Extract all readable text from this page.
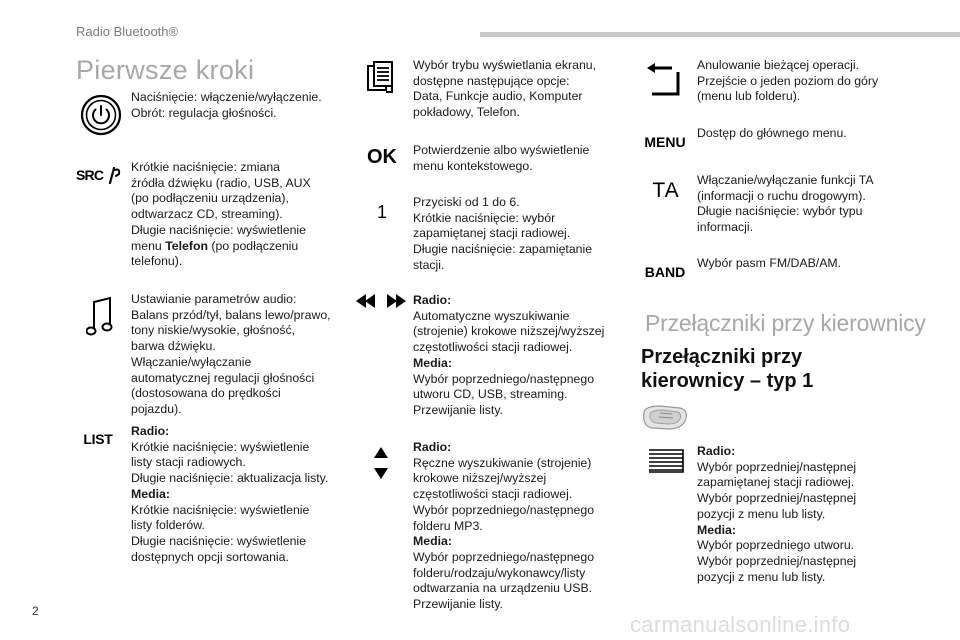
Radio Bluetooth®
Pierwsze kroki
Naciśnięcie: włączenie/wyłączenie.
Obrót: regulacja głośności.
SRC Krótkie naciśnięcie: zmiana
źródła dźwięku (radio, USB, AUX
(po podłączeniu urządzenia),
odtwarzacz CD, streaming).
Długie naciśnięcie: wyświetlenie
menu Telefon (po podłączeniu
telefonu).
Ustawianie parametrów audio:
Balans przód/tył, balans lewo/prawo,
tony niskie/wysokie, głośność,
barwa dźwięku.
Włączanie/wyłączanie
automatycznej regulacji głośności
(dostosowana do prędkości
pojazdu).
LIST Radio:
Krótkie naciśnięcie: wyświetlenie
listy stacji radiowych.
Długie naciśnięcie: aktualizacja listy.
Media:
Krótkie naciśnięcie: wyświetlenie
listy folderów.
Długie naciśnięcie: wyświetlenie
dostępnych opcji sortowania.
Wybór trybu wyświetlania ekranu,
dostępne następujące opcje:
Data, Funkcje audio, Komputer
pokładowy, Telefon.
OK Potwierdzenie albo wyświetlenie
menu kontekstowego.
1 Przyciski od 1 do 6.
Krótkie naciśnięcie: wybór
zapamiętanej stacji radiowej.
Długie naciśnięcie: zapamiętanie
stacji.
Radio:
Automatyczne wyszukiwanie
(strojenie) krokowe niższej/wyższej
częstotliwości stacji radiowej.
Media:
Wybór poprzedniego/następnego
utworu CD, USB, streaming.
Przewijanie listy.
Radio:
Ręczne wyszukiwanie (strojenie)
krokowe niższej/wyższej
częstotliwości stacji radiowej.
Wybór poprzedniego/następnego
folderu MP3.
Media:
Wybór poprzedniego/następnego
folderu/rodzaju/wykonawcy/listy
odtwarzania na urządzeniu USB.
Przewijanie listy.
Anulowanie bieżącej operacji.
Przejście o jeden poziom do góry
(menu lub folderu).
MENU
Dostęp do głównego menu.
TA Włączanie/wyłączanie funkcji TA
(informacji o ruchu drogowym).
Długie naciśnięcie: wybór typu
informacji.
BAND
Wybór pasm FM/DAB/AM.
Przełączniki przy kierownicy
Przełączniki przy
kierownicy – typ 1
Radio:
Wybór poprzedniej/następnej
zapamiętanej stacji radiowej.
Wybór poprzedniej/następnej
pozycji z menu lub listy.
Media:
Wybór poprzedniego utworu.
Wybór poprzedniej/następnej
pozycji z menu lub listy.
2
carmanualsonline.info
